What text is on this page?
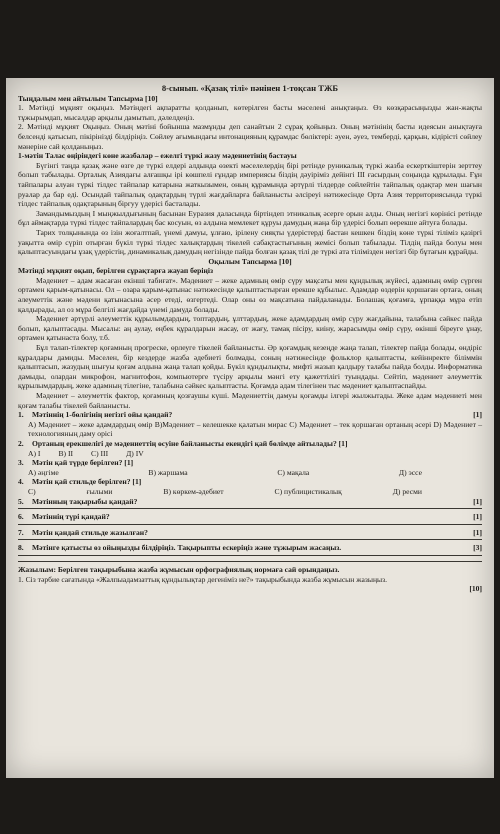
8-сынып. «Қазақ тілі» пәнінен 1-тоқсан ТЖБ
Тыңдалым мен айтылым Тапсырма [10]

1. Мәтінді мұқият оқыңыз. Мәтіндегі ақпаратты қолданып, көтерілген басты мәселені анықтаңыз. Өз көзқарасыңызды жан-жақты тұжырымдап, мысалдар арқылы дамытып, дәлелдеңіз.

2. Мәтінді мұқият Оқыңыз. Оның мәтіні бойынша мазмұнды деп санайтын 2 сұрақ қойыңыз. Оның мәтінінің басты идеясын анықтауға белсенді қатысып, пікірінізді білдіріңіз. Сөйлеу ағымындағы интонацияның құрамдас бөліктері: әуен, әуез, темберді, қарқын, кідірісті сөйлеу мәнеріне сай қолданыңыз.

1-мәтін Талас өңіріндегі көне жазбалар – ежелгі түркі жазу мәдениетінің бастауы

Бүгінгі таңда қазақ және өзге де түркі елдері алдында өзекті мәселелердің бірі ретінде руникалық түркі жазба ескерткіштерін зерттеу болып табылады. Орталық Азиядағы алғашқы ірі көшпелі ғұндар империясы біздің дәуіріміз дейінгі III ғасырдың соңында құрылады. Ғұн тайпалары алуан түркі тілдес тайпалар катарына жаткызымен, оның құрамында әртүрлі тілдерде сөйлейтін тайпалық одақтар мен шағын руалар да бар еді. Осындай тайпалық одақтардың түрлі жағдайларға байланысты әлсіреуі нәтижесінде Орта Азия территориясында түркі тілдес тайпалық одақтарының біргуу үдерісі басталады.

Замандымыздың I мыңжылдығының басынан Еуразия даласында біртіндеп этникалық әсерге орын алды. Оның негізгі көрінісі ретінде бұл аймақтарда түркі тілдес тайпалардың бас косуын, өз алдына мемлекет құруы дамудың жаңа бір үдерісі болып өерекше айтуға болады.

Тарих толқынында өз ізін жоғалтпай, үнемі дамуы, ұлғаю, ірілену сияқты үдерістерді бастан кешкен біздің көне түркі тіліміз қазіргі уақытта өмір сүріп отырған бүкіл түркі тілдес халықтардың тікелей сабақтастығының жемісі болып табылады. Тілдің пайда болуы мен қалыптасуындағы ұзақ үдерістің, динамикалық дамудың негізінде пайда болған қазақ тілі де түркі ата тілімізден негізгі бір бұтағын құрайды.

Оқылым Тапсырма [10]
Мәтінді мұқият оқып, берілген сұрақтарға жауап беріңіз

Мәдениет – адам жасаған екінші табиғат». Мәдениет – жеке адамның өмір сүру мақсаты мен құндылық жүйесі, адамның өмір сүрген ортамен қарым-қатынасы. Ол – озара қарым-қатынас нәтижесінде қалыптастырған ерекше құбылыс. Адамдар өздерін қоршаған ортаға, оның әлеуметтік және мәдени қатынасына әсер етеді, өзгертеді. Олар оны өз мақсатына пайдаланады. Болашақ қоғамға, ұрпаққа мұра етіп қалдырады, ал оз мұра белгілі жағдайда үнемі дамуда болады.

Мәдениет әртүрлі әлеуметтік құрылымдардың, топтардың, ұлттардың, жеке адамдардың өмір сүру жағдайына, талабына сәйкес пайда болып, қалыптасады. Мысалы: аң аулау, еңбек құралдарын жасау, от жағу, тамақ пісіру, киіну, жарасымды өмір сүру, өкінші біреуге ұнау, ортамен қатынаста болу, т.б.

Бұл талап-тілектер қоғамның прогреске, өрлеуге тікелей байланысты. Әр қоғамдық кезеңде жаңа талап, тілектер пайда болады, өндіріс құралдары дамиды. Мәселен, бір кездерде жазба әдебиеті болмады, соның нәтижесінде фольклор қалыптасты, кейіннректе біліммін қалыптасып, жазудың шығуы қоғам алдына жаңа талап қойды. Бүкіл құндылықты, мифті жазып қалдыру талабы пайда болды. Информатика дамыды, олардан микрофон, магнитофон, компьютерге түсіру арқылы мәнгі ету қажеттілігі туындады. Сейтіп, мәдениет әлеуметтік құрылымдардың, жеке адамның тілегіне, талабына сәйкес қалыптасты. Қоғамда адам тілегінен тыс мәдениет қалыптаспайды.

Мәдениет – әлеуметтік фактор, қоғамның қозғаушы күші. Мәдениеттің дамуы қоғамды ілгері жылжытады. Жеке адам мәдениеті мен қоғам талабы тікелей байланысты.

1. Мәтіннің 1-бөлігінің негізгі ойы қандай?	[1]

А) Мәдениет – жеке адамдардың өмір В)Мәдениет – келешекке қалатын мирас С) Мәдениет – тек қоршаған ортаның әсері D) Мәдениет – технологияның даму орісі

2. Ортаның ерекшелігі де мәдениеттің өсуіне байланысты екендігі қай бөлімде айтылады? [1]
А) I В) II С) III Д) IV
3. Мәтін қай түрде берілген? [1]
А) әңгіме	В) жаршама	С) мақала	Д) эссе
4. Мәтін қай стильде берілген? [1]
С)	ғылыми	В) көркем-әдебиет	С) публицистикалық	Д) ресми
5. Мәтінның тақырыбы қандай?	[1]
6. Мәтіннің түрі қандай?	[1]
7. Мәтін қандай стильде жазылған?	[1]
8. Мәтінге қатысты өз ойыңызды білдіріңіз. Тақырыпты ескеріңіз және тұжырым жасаңыз.	[3]
Жазылым: Берілген тақырыбына жазба жұмысын орфографиялық нормаға сай орындаңыз.
1. Сіз тәрбие сағатында «Жалпыадамзаттық құндылықтар дегеніміз не?» тақырыбында жазба жұмысын жазыңыз.
[10]
